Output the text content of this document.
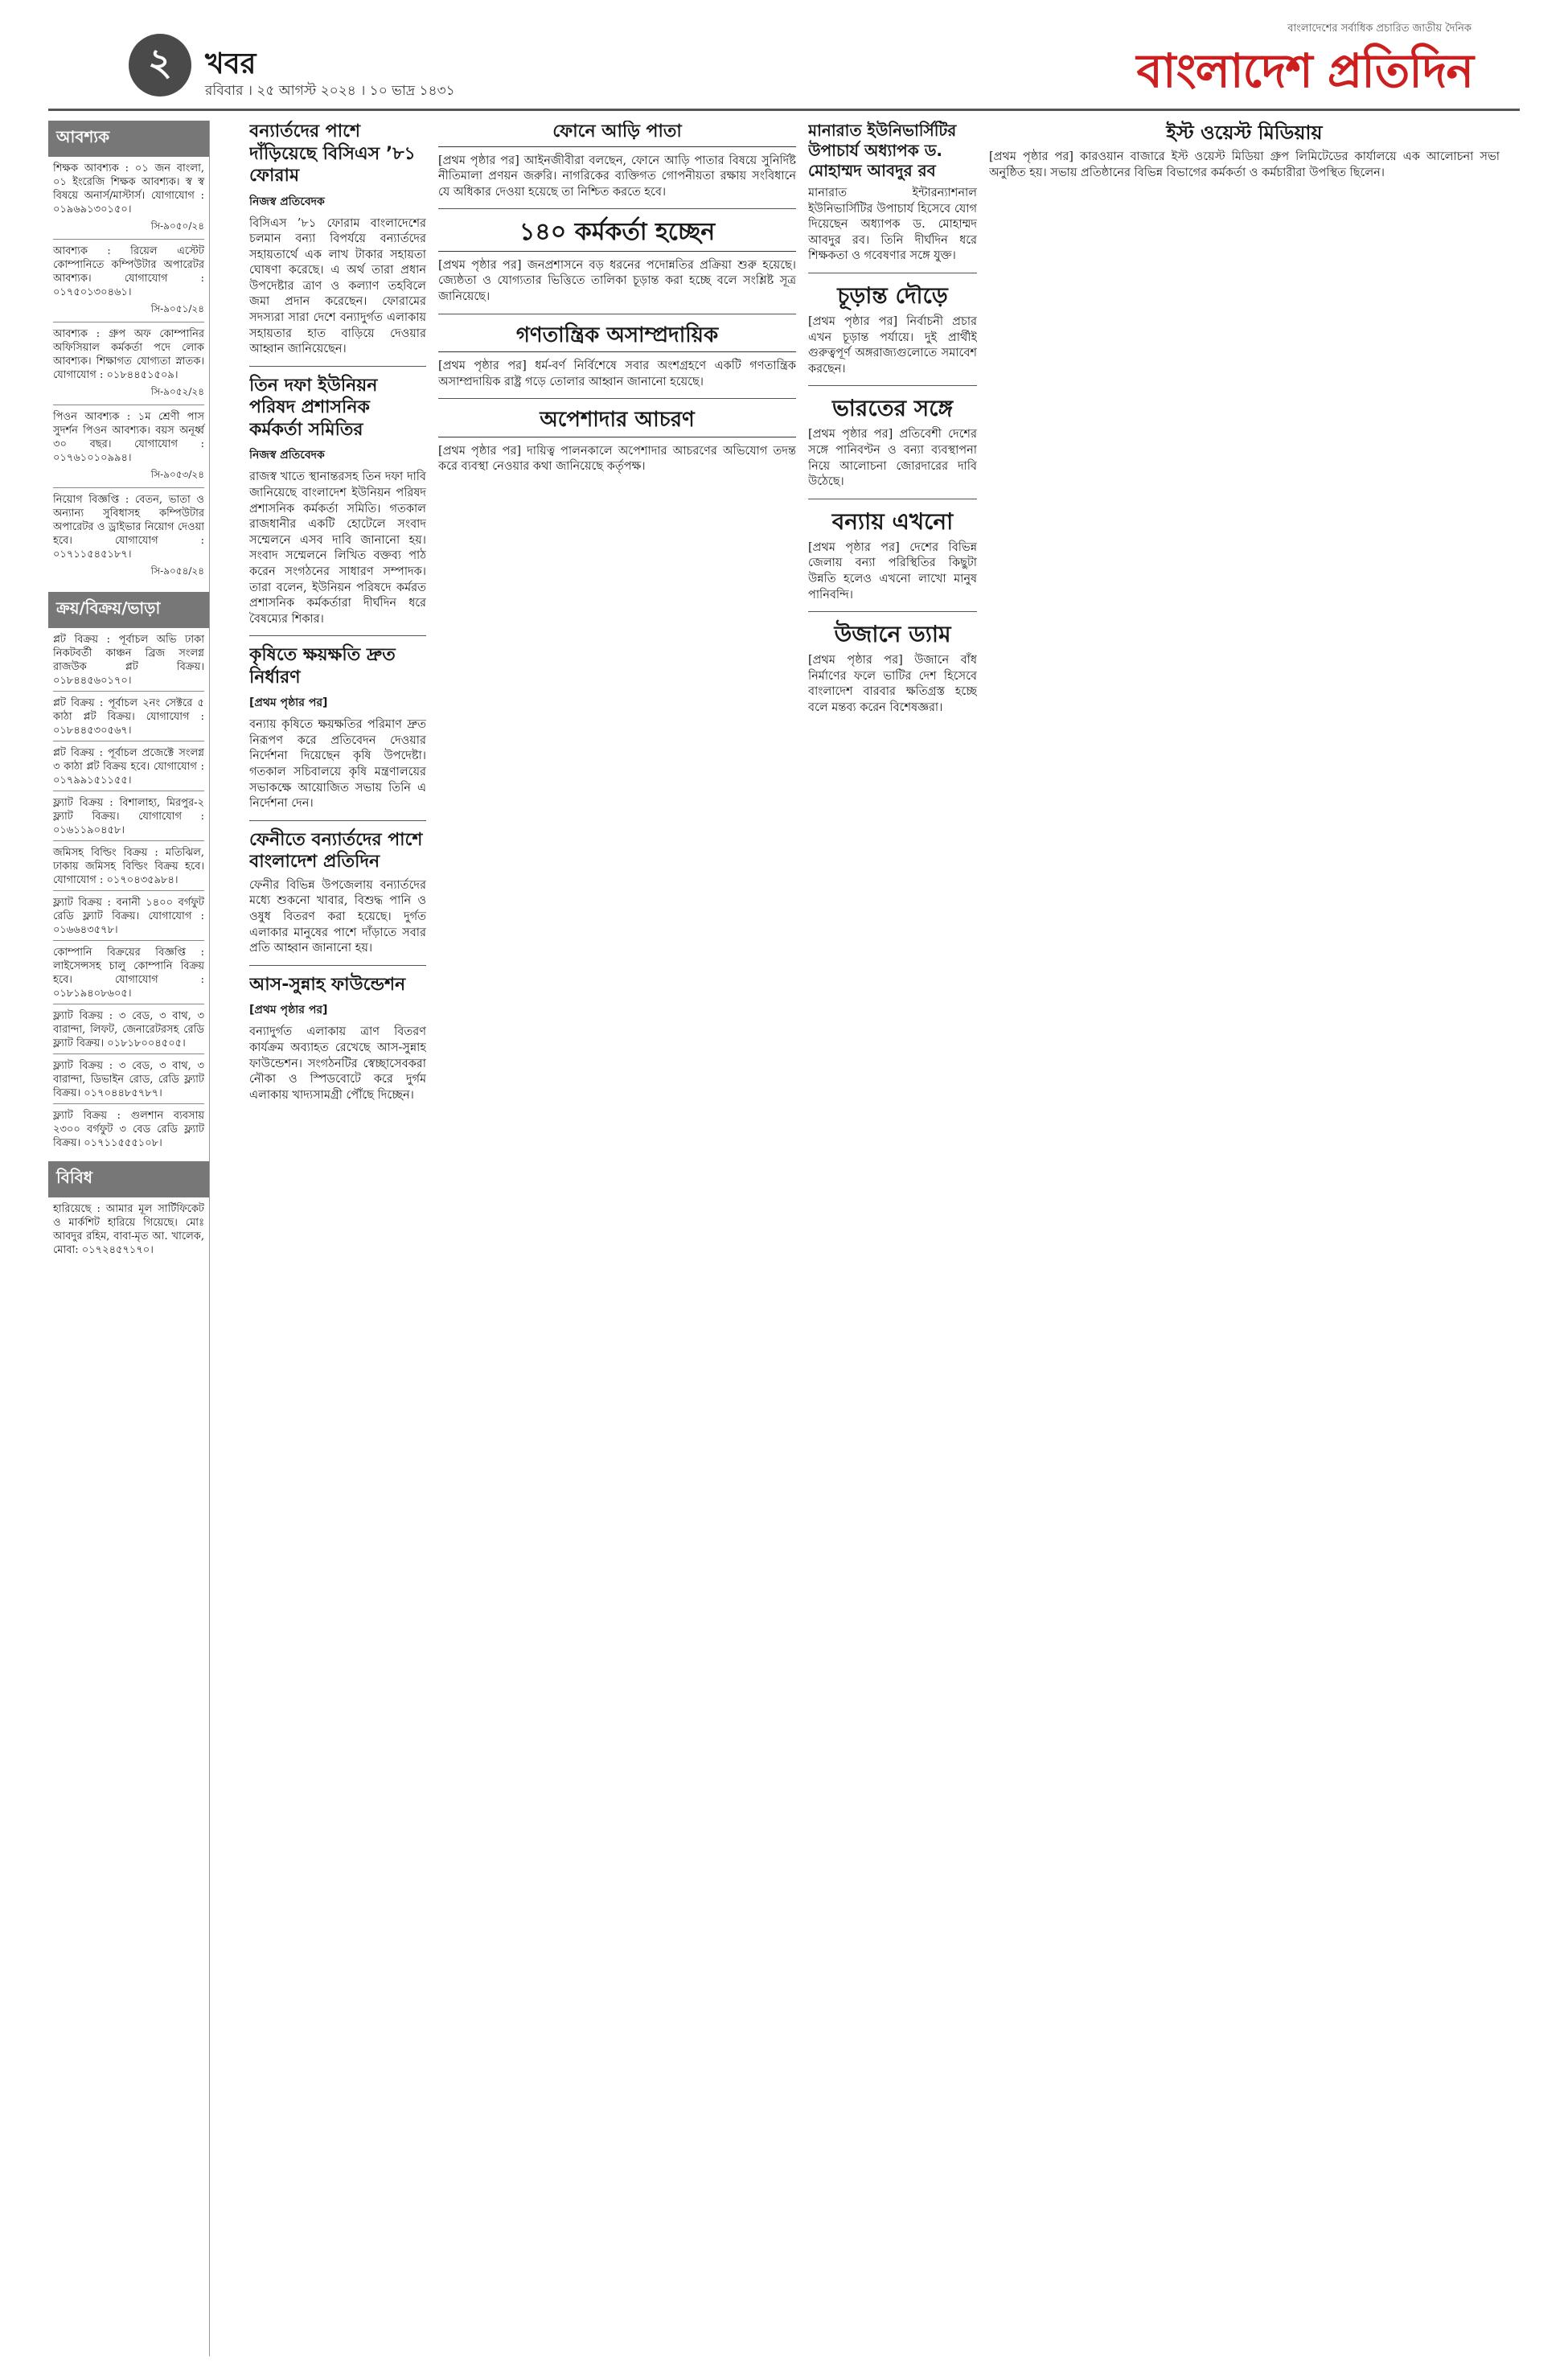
২	খবর
রবিবার । ২৫ আগস্ট ২০২৪ । ১০ ভাদ্র ১৪৩১
বাংলাদেশের সর্বাধিক প্রচারিত জাতীয় দৈনিক
বাংলাদেশ প্রতিদিন
আবশ্যক

শিক্ষক আবশ্যক : ০১ জন বাংলা, ০১ ইংরেজি শিক্ষক আবশ্যক। স্ব স্ব বিষয়ে অনার্স/মাস্টার্স। যোগাযোগ : ০১৯৬৯১৩০১৫০।

সি-৯০৫০/২৪

আবশ্যক : রিয়েল এস্টেট কোম্পানিতে কম্পিউটার অপারেটর আবশ্যক। যোগাযোগ : ০১৭৫০১৩০৪৬১।

সি-৯০৫১/২৪

আবশ্যক : গ্রুপ অফ কোম্পানির অফিসিয়াল কর্মকর্তা পদে লোক আবশ্যক। শিক্ষাগত যোগ্যতা স্নাতক। যোগাযোগ : ০১৮৪৪৫১৫০৯।

সি-৯০৫২/২৪

পিওন আবশ্যক : ১ম শ্রেণী পাস সুদর্শন পিওন আবশ্যক। বয়স অনূর্ধ্ব ৩০ বছর। যোগাযোগ : ০১৭৬১০১০৯৯৪।

সি-৯০৫৩/২৪

নিয়োগ বিজ্ঞপ্তি : বেতন, ভাতা ও অন্যান্য সুবিধাসহ কম্পিউটার অপারেটর ও ড্রাইভার নিয়োগ দেওয়া হবে। যোগাযোগ : ০১৭১১৫৪৫১৮৭।

সি-৯০৫৪/২৪
ক্রয়/বিক্রয়/ভাড়া

প্লট বিক্রয় : পূর্বাচল অভি ঢাকা নিকটবর্তী কাঞ্চন ব্রিজ সংলগ্ন রাজউক প্লট বিক্রয়। ০১৮৪৪৫৬০১৭০।

প্লট বিক্রয় : পূর্বাচল ২নং সেক্টরে ৫ কাঠা প্লট বিক্রয়। যোগাযোগ : ০১৮৪৪৫৩০৫৬৭।

প্লট বিক্রয় : পূর্বাচল প্রজেক্টে সংলগ্ন ৩ কাঠা প্লট বিক্রয় হবে। যোগাযোগ : ০১৭৯৯১৫১১৫৫।

ফ্ল্যাট বিক্রয় : বিশালাহ্য, মিরপুর-২ ফ্ল্যাট বিক্রয়। যোগাযোগ : ০১৬১১৯০৪৫৮।

জমিসহ বিল্ডিং বিক্রয় : মতিঝিল, ঢাকায় জমিসহ বিল্ডিং বিক্রয় হবে। যোগাযোগ : ০১৭০৪৩৫৯৮৪।

ফ্ল্যাট বিক্রয় : বনানী ১৪০০ বর্গফুট রেডি ফ্ল্যাট বিক্রয়। যোগাযোগ : ০১৬৬৪৩৫৭৮।

কোম্পানি বিক্রয়ের বিজ্ঞপ্তি : লাইসেন্সসহ চালু কোম্পানি বিক্রয় হবে। যোগাযোগ : ০১৮১৯৪০৮৬০৫।

ফ্ল্যাট বিক্রয় : ৩ বেড, ৩ বাথ, ৩ বারান্দা, লিফট, জেনারেটরসহ রেডি ফ্ল্যাট বিক্রয়। ০১৮১৮০০৪৫০৫।

ফ্ল্যাট বিক্রয় : ৩ বেড, ৩ বাথ, ৩ বারান্দা, ডিভাইন রোড, রেডি ফ্ল্যাট বিক্রয়। ০১৭০৪৪৮৫৭৮৭।

ফ্ল্যাট বিক্রয় : গুলশান ব্যবসায় ২৩০০ বর্গফুট ৩ বেড রেডি ফ্ল্যাট বিক্রয়। ০১৭১১৫৫৫১০৮।

বিবিধ

হারিয়েছে : আমার মূল সার্টিফিকেট ও মার্কশিট হারিয়ে গিয়েছে। মোঃ আবদুর রহিম, বাবা-মৃত আ. খালেক, মোবা: ০১৭২৪৫৭১৭০।

বন্যার্তদের পাশে দাঁড়িয়েছে বিসিএস ’৮১ ফোরাম
নিজস্ব প্রতিবেদক

বিসিএস ’৮১ ফোরাম বাংলাদেশের চলমান বন্যা বিপর্যয়ে বন্যার্তদের সহায়তার্থে এক লাখ টাকার সহায়তা ঘোষণা করেছে। এ অর্থ তারা প্রধান উপদেষ্টার ত্রাণ ও কল্যাণ তহবিলে জমা প্রদান করেছেন। ফোরামের সদস্যরা সারা দেশে বন্যাদুর্গত এলাকায় সহায়তার হাত বাড়িয়ে দেওয়ার আহ্বান জানিয়েছেন।

তিন দফা ইউনিয়ন পরিষদ প্রশাসনিক কর্মকর্তা সমিতির
নিজস্ব প্রতিবেদক

রাজস্ব খাতে স্থানান্তরসহ তিন দফা দাবি জানিয়েছে বাংলাদেশ ইউনিয়ন পরিষদ প্রশাসনিক কর্মকর্তা সমিতি। গতকাল রাজধানীর একটি হোটেলে সংবাদ সম্মেলনে এসব দাবি জানানো হয়। সংবাদ সম্মেলনে লিখিত বক্তব্য পাঠ করেন সংগঠনের সাধারণ সম্পাদক। তারা বলেন, ইউনিয়ন পরিষদে কর্মরত প্রশাসনিক কর্মকর্তারা দীর্ঘদিন ধরে বৈষম্যের শিকার।

কৃষিতে ক্ষয়ক্ষতি দ্রুত নির্ধারণ
[প্রথম পৃষ্ঠার পর]

বন্যায় কৃষিতে ক্ষয়ক্ষতির পরিমাণ দ্রুত নিরূপণ করে প্রতিবেদন দেওয়ার নির্দেশনা দিয়েছেন কৃষি উপদেষ্টা। গতকাল সচিবালয়ে কৃষি মন্ত্রণালয়ের সভাকক্ষে আয়োজিত সভায় তিনি এ নির্দেশনা দেন।

ফেনীতে বন্যার্তদের পাশে বাংলাদেশ প্রতিদিন

ফেনীর বিভিন্ন উপজেলায় বন্যার্তদের মধ্যে শুকনো খাবার, বিশুদ্ধ পানি ও ওষুধ বিতরণ করা হয়েছে। দুর্গত এলাকার মানুষের পাশে দাঁড়াতে সবার প্রতি আহ্বান জানানো হয়।

আস-সুন্নাহ ফাউন্ডেশন
[প্রথম পৃষ্ঠার পর]

বন্যাদুর্গত এলাকায় ত্রাণ বিতরণ কার্যক্রম অব্যাহত রেখেছে আস-সুন্নাহ ফাউন্ডেশন। সংগঠনটির স্বেচ্ছাসেবকরা নৌকা ও স্পিডবোটে করে দুর্গম এলাকায় খাদ্যসামগ্রী পৌঁছে দিচ্ছেন।

ফোনে আড়ি পাতা

[প্রথম পৃষ্ঠার পর] আইনজীবীরা বলছেন, ফোনে আড়ি পাতার বিষয়ে সুনির্দিষ্ট নীতিমালা প্রণয়ন জরুরি। নাগরিকের ব্যক্তিগত গোপনীয়তা রক্ষায় সংবিধানে যে অধিকার দেওয়া হয়েছে তা নিশ্চিত করতে হবে।

১৪০ কর্মকর্তা হচ্ছেন

[প্রথম পৃষ্ঠার পর] জনপ্রশাসনে বড় ধরনের পদোন্নতির প্রক্রিয়া শুরু হয়েছে। জ্যেষ্ঠতা ও যোগ্যতার ভিত্তিতে তালিকা চূড়ান্ত করা হচ্ছে বলে সংশ্লিষ্ট সূত্র জানিয়েছে।

গণতান্ত্রিক অসাম্প্রদায়িক

[প্রথম পৃষ্ঠার পর] ধর্ম-বর্ণ নির্বিশেষে সবার অংশগ্রহণে একটি গণতান্ত্রিক অসাম্প্রদায়িক রাষ্ট্র গড়ে তোলার আহ্বান জানানো হয়েছে।

অপেশাদার আচরণ

[প্রথম পৃষ্ঠার পর] দায়িত্ব পালনকালে অপেশাদার আচরণের অভিযোগ তদন্ত করে ব্যবস্থা নেওয়ার কথা জানিয়েছে কর্তৃপক্ষ।

মানারাত ইউনিভার্সিটির উপাচার্য অধ্যাপক ড. মোহাম্মদ আবদুর রব

মানারাত ইন্টারন্যাশনাল ইউনিভার্সিটির উপাচার্য হিসেবে যোগ দিয়েছেন অধ্যাপক ড. মোহাম্মদ আবদুর রব। তিনি দীর্ঘদিন ধরে শিক্ষকতা ও গবেষণার সঙ্গে যুক্ত।

চূড়ান্ত দৌড়ে

[প্রথম পৃষ্ঠার পর] নির্বাচনী প্রচার এখন চূড়ান্ত পর্যায়ে। দুই প্রার্থীই গুরুত্বপূর্ণ অঙ্গরাজ্যগুলোতে সমাবেশ করছেন।

ভারতের সঙ্গে

[প্রথম পৃষ্ঠার পর] প্রতিবেশী দেশের সঙ্গে পানিবণ্টন ও বন্যা ব্যবস্থাপনা নিয়ে আলোচনা জোরদারের দাবি উঠেছে।

বন্যায় এখনো

[প্রথম পৃষ্ঠার পর] দেশের বিভিন্ন জেলায় বন্যা পরিস্থিতির কিছুটা উন্নতি হলেও এখনো লাখো মানুষ পানিবন্দি।

উজানে ড্যাম

[প্রথম পৃষ্ঠার পর] উজানে বাঁধ নির্মাণের ফলে ভাটির দেশ হিসেবে বাংলাদেশ বারবার ক্ষতিগ্রস্ত হচ্ছে বলে মন্তব্য করেন বিশেষজ্ঞরা।

ইস্ট ওয়েস্ট মিডিয়ায়

[প্রথম পৃষ্ঠার পর] কারওয়ান বাজারে ইস্ট ওয়েস্ট মিডিয়া গ্রুপ লিমিটেডের কার্যালয়ে এক আলোচনা সভা অনুষ্ঠিত হয়। সভায় প্রতিষ্ঠানের বিভিন্ন বিভাগের কর্মকর্তা ও কর্মচারীরা উপস্থিত ছিলেন।
